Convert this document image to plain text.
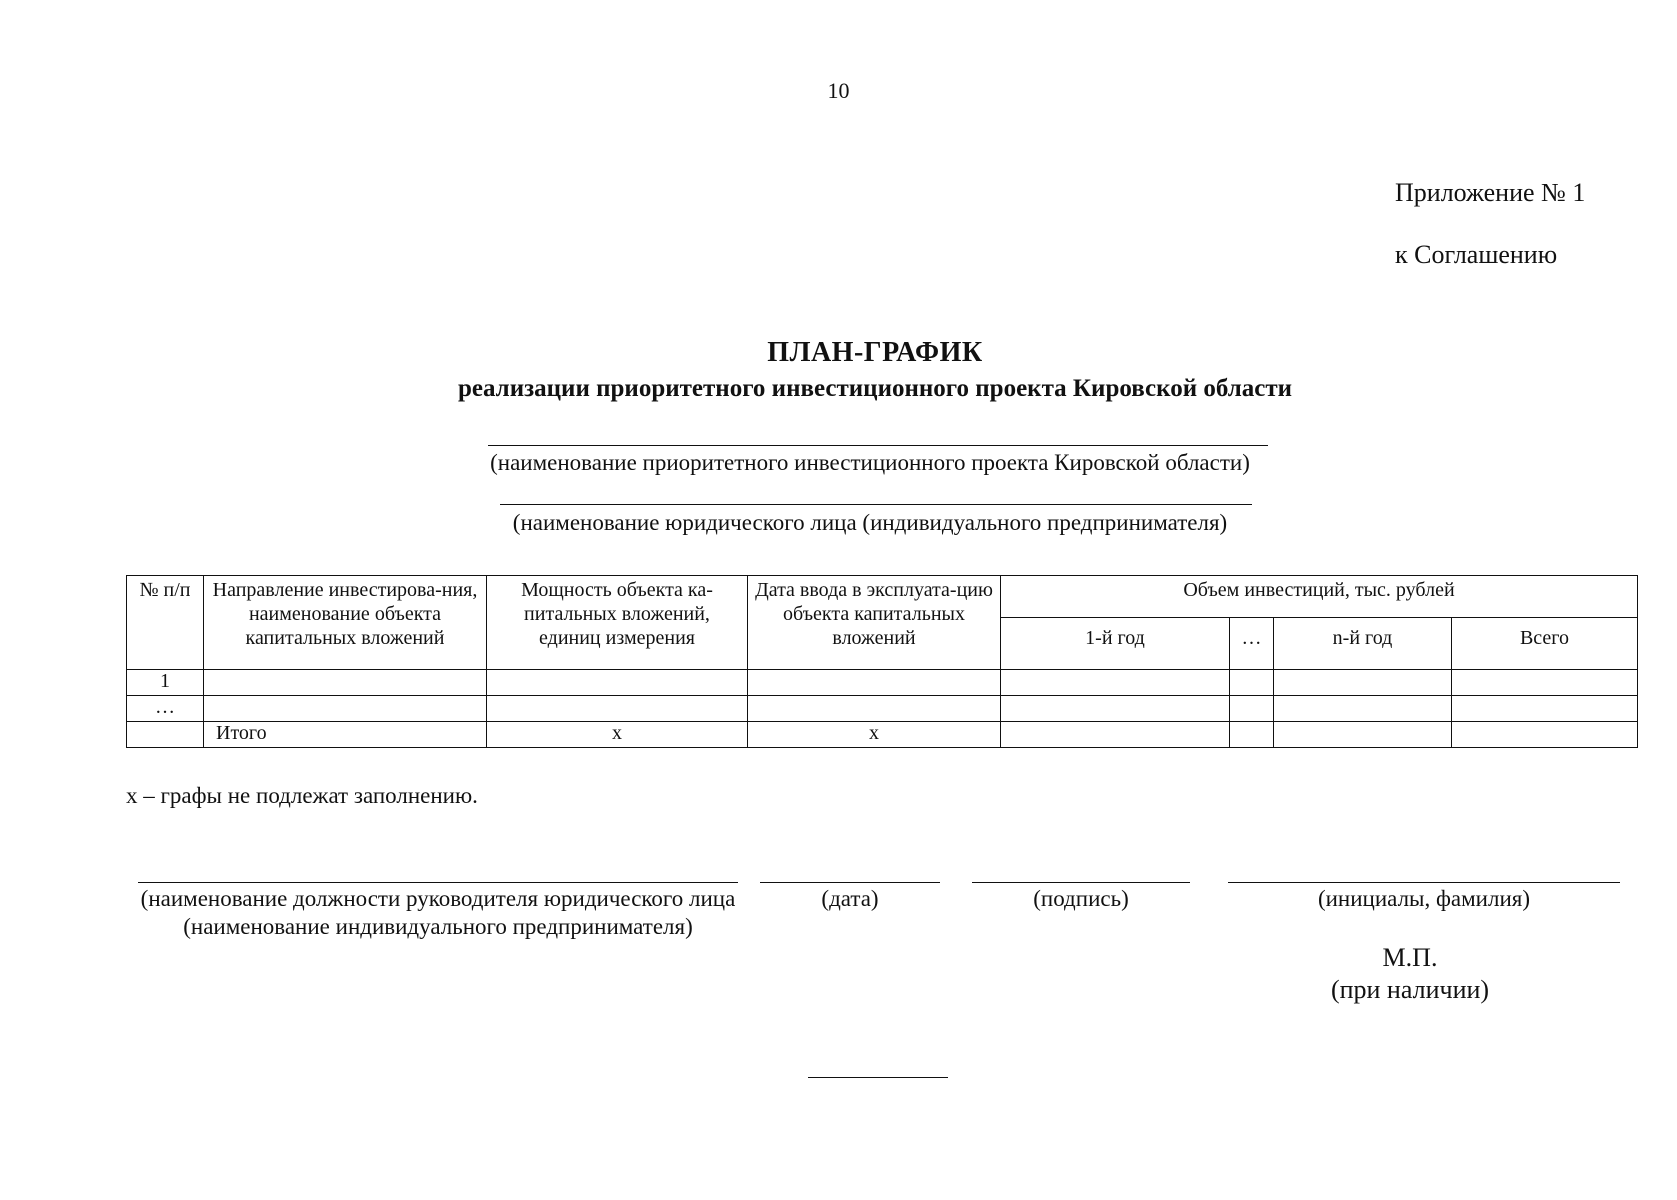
10
Приложение № 1
к Соглашению
ПЛАН-ГРАФИК
реализации приоритетного инвестиционного проекта Кировской области
(наименование приоритетного инвестиционного проекта Кировской области)
(наименование юридического лица (индивидуального предпринимателя)
№ п/п	Направление инвестирова-ния, наименование объекта капитальных вложений	Мощность объекта ка-питальных вложений, единиц измерения	Дата ввода в эксплуата-цию объекта капитальных вложений	Объем инвестиций, тыс. рублей			
				1-й год	…	n-й год	Всего
1							
…							
	Итого	x	x				
x – графы не подлежат заполнению.
(наименование должности руководителя юридического лица (наименование индивидуального предпринимателя)
(дата)	(подпись)	(инициалы, фамилия)
М.П.
(при наличии)
